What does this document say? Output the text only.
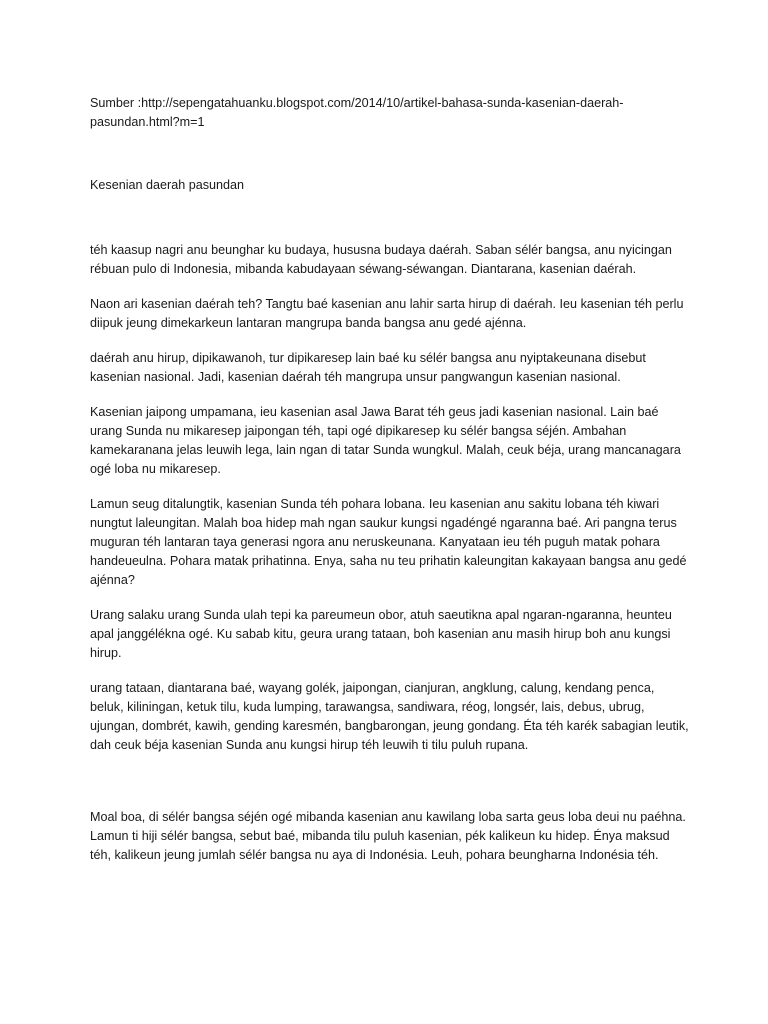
Sumber :http://sepengatahuanku.blogspot.com/2014/10/artikel-bahasa-sunda-kasenian-daerah-pasundan.html?m=1

Kesenian daerah pasundan

téh kaasup nagri anu beunghar ku budaya, hususna budaya daérah. Saban sélér bangsa, anu nyicingan rébuan pulo di Indonesia, mibanda kabudayaan séwang-séwangan. Diantarana, kasenian daérah.

Naon ari kasenian daérah teh? Tangtu baé kasenian anu lahir sarta hirup di daérah. Ieu kasenian téh perlu diipuk jeung dimekarkeun lantaran mangrupa banda bangsa anu gedé ajénna.

daérah anu hirup, dipikawanoh, tur dipikaresep lain baé ku sélér bangsa anu nyiptakeunana disebut kasenian nasional. Jadi, kasenian daérah téh mangrupa unsur pangwangun kasenian nasional.

Kasenian jaipong umpamana, ieu kasenian asal Jawa Barat téh geus jadi kasenian nasional. Lain baé urang Sunda nu mikaresep jaipongan téh, tapi ogé dipikaresep ku sélér bangsa séjén. Ambahan kamekaranana jelas leuwih lega, lain ngan di tatar Sunda wungkul. Malah, ceuk béja, urang mancanagara ogé loba nu mikaresep.

Lamun seug ditalungtik, kasenian Sunda téh pohara lobana. Ieu kasenian anu sakitu lobana téh kiwari nungtut laleungitan. Malah boa hidep mah ngan saukur kungsi ngadéngé ngaranna baé. Ari pangna terus muguran téh lantaran taya generasi ngora anu neruskeunana. Kanyataan ieu téh puguh matak pohara handeueulna. Pohara matak prihatinna. Enya, saha nu teu prihatin kaleungitan kakayaan bangsa anu gedé ajénna?

Urang salaku urang Sunda ulah tepi ka pareumeun obor, atuh saeutikna apal ngaran-ngaranna, heunteu apal janggélékna ogé. Ku sabab kitu, geura urang tataan, boh kasenian anu masih hirup boh anu kungsi hirup.

urang tataan, diantarana baé, wayang golék, jaipongan, cianjuran, angklung, calung, kendang penca, beluk, kiliningan, ketuk tilu, kuda lumping, tarawangsa, sandiwara, réog, longsér, lais, debus, ubrug, ujungan, dombrét, kawih, gending karesmén, bangbarongan, jeung gondang. Éta téh karék sabagian leutik, dah ceuk béja kasenian Sunda anu kungsi hirup téh leuwih ti tilu puluh rupana.

Moal boa, di sélér bangsa séjén ogé mibanda kasenian anu kawilang loba sarta geus loba deui nu paéhna. Lamun ti hiji sélér bangsa, sebut baé, mibanda tilu puluh kasenian, pék kalikeun ku hidep. Énya maksud téh, kalikeun jeung jumlah sélér bangsa nu aya di Indonésia. Leuh, pohara beungharna Indonésia téh.
